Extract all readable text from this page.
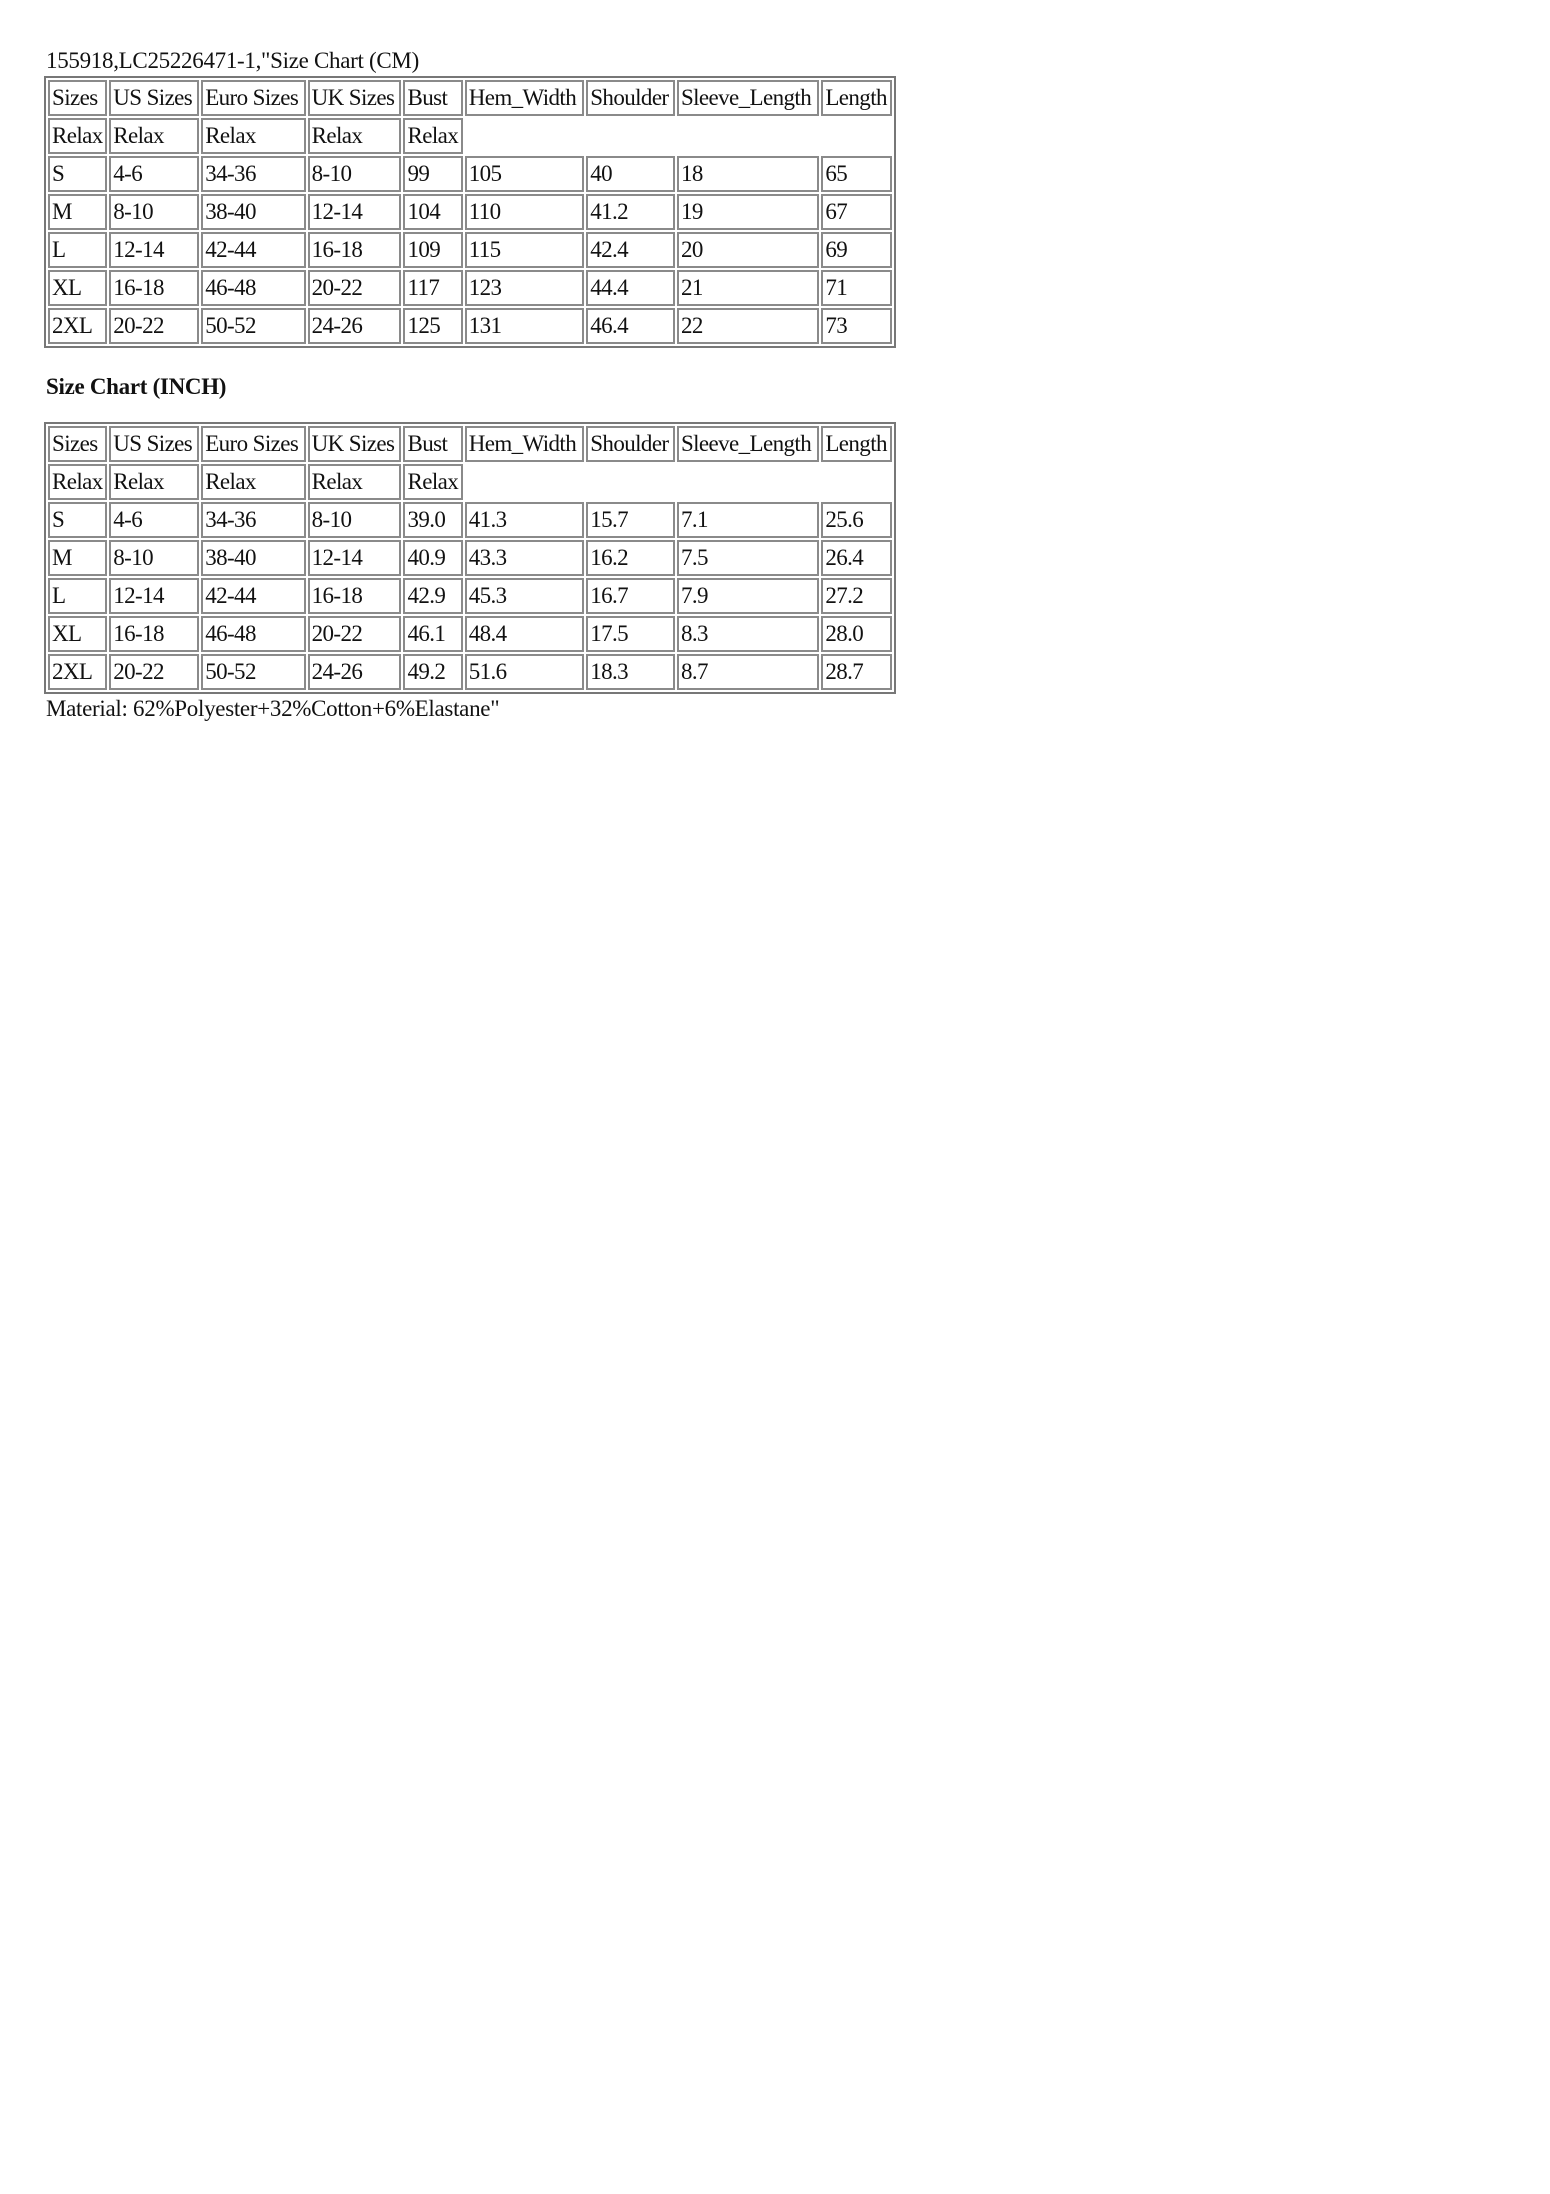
155918,LC25226471-1,"Size Chart (CM)
Sizes	US Sizes	Euro Sizes	UK Sizes	Bust	Hem_Width	Shoulder	Sleeve_Length	Length
Relax	Relax	Relax	Relax	Relax				
S	4-6	34-36	8-10	99	105	40	18	65
M	8-10	38-40	12-14	104	110	41.2	19	67
L	12-14	42-44	16-18	109	115	42.4	20	69
XL	16-18	46-48	20-22	117	123	44.4	21	71
2XL	20-22	50-52	24-26	125	131	46.4	22	73
Size Chart (INCH)
Sizes	US Sizes	Euro Sizes	UK Sizes	Bust	Hem_Width	Shoulder	Sleeve_Length	Length
Relax	Relax	Relax	Relax	Relax				
S	4-6	34-36	8-10	39.0	41.3	15.7	7.1	25.6
M	8-10	38-40	12-14	40.9	43.3	16.2	7.5	26.4
L	12-14	42-44	16-18	42.9	45.3	16.7	7.9	27.2
XL	16-18	46-48	20-22	46.1	48.4	17.5	8.3	28.0
2XL	20-22	50-52	24-26	49.2	51.6	18.3	8.7	28.7
Material: 62%Polyester+32%Cotton+6%Elastane"
